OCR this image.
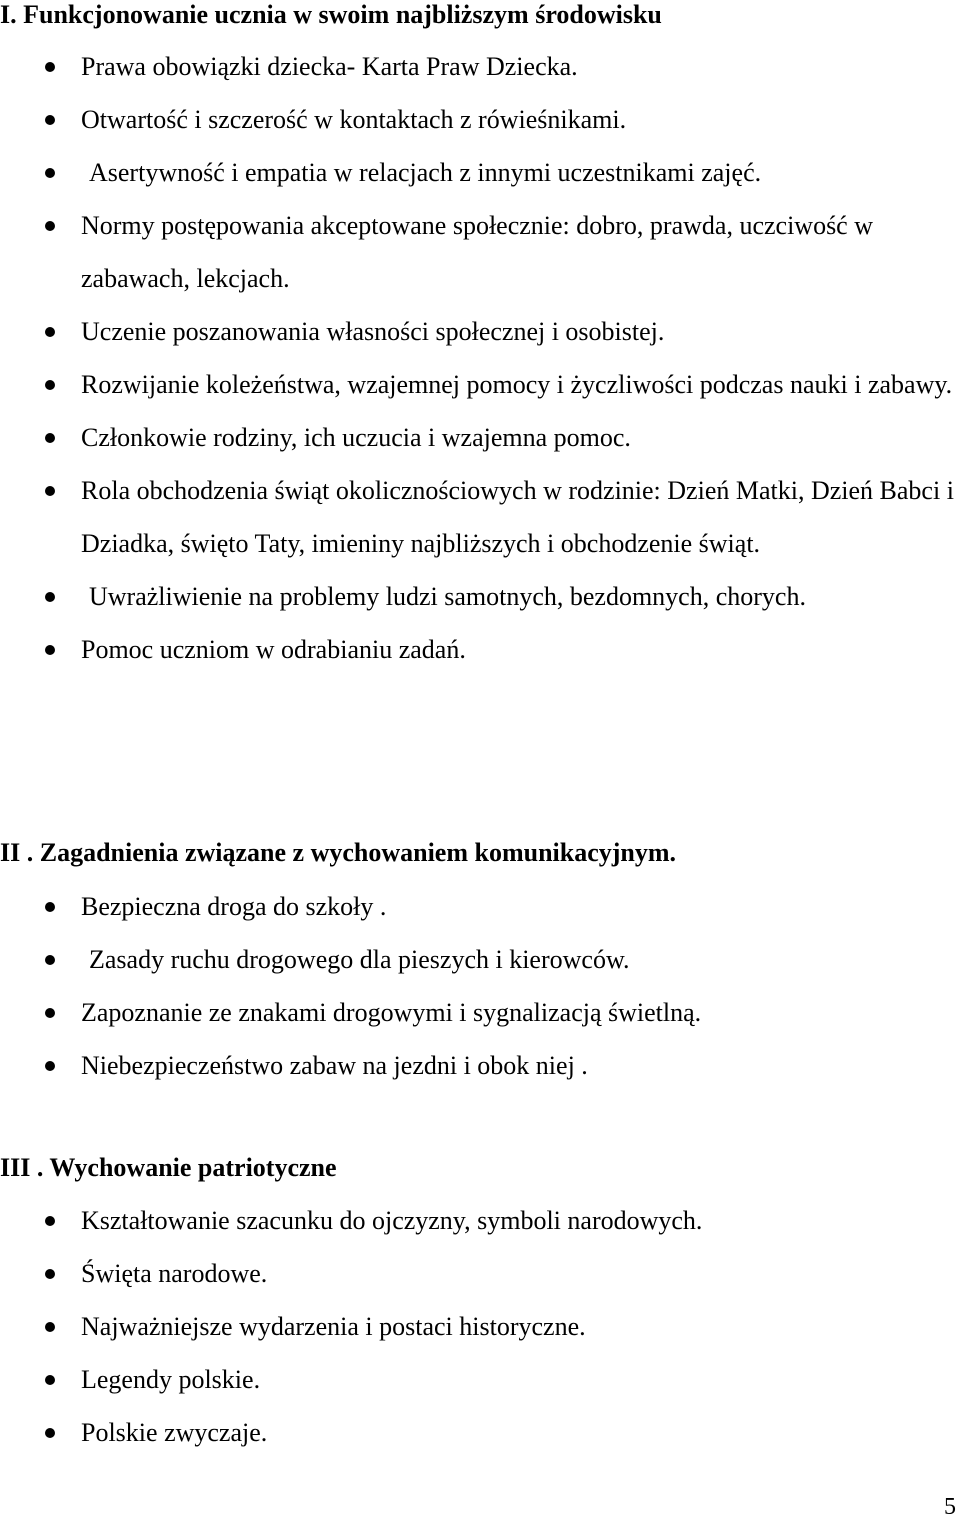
I. Funkcjonowanie ucznia w swoim najbliższym środowisku
Prawa obowiązki dziecka- Karta Praw Dziecka.
Otwartość i szczerość w kontaktach z rówieśnikami.
Asertywność i empatia w relacjach z innymi uczestnikami zajęć.
Normy postępowania akceptowane społecznie: dobro, prawda, uczciwość w zabawach, lekcjach.
Uczenie poszanowania własności społecznej i osobistej.
Rozwijanie koleżeństwa, wzajemnej pomocy i życzliwości podczas nauki i zabawy.
Członkowie rodziny, ich uczucia i wzajemna pomoc.
Rola obchodzenia świąt okolicznościowych w rodzinie: Dzień Matki, Dzień Babci i Dziadka, święto Taty, imieniny najbliższych i obchodzenie świąt.
Uwrażliwienie na problemy ludzi samotnych, bezdomnych, chorych.
Pomoc uczniom w odrabianiu zadań.
II . Zagadnienia związane z wychowaniem komunikacyjnym.
Bezpieczna droga do szkoły .
Zasady ruchu drogowego dla pieszych i kierowców.
Zapoznanie ze znakami drogowymi i sygnalizacją świetlną.
Niebezpieczeństwo zabaw na jezdni i obok niej .
III . Wychowanie patriotyczne
Kształtowanie szacunku do ojczyzny, symboli narodowych.
Święta narodowe.
Najważniejsze wydarzenia i postaci historyczne.
Legendy polskie.
Polskie zwyczaje.
5
